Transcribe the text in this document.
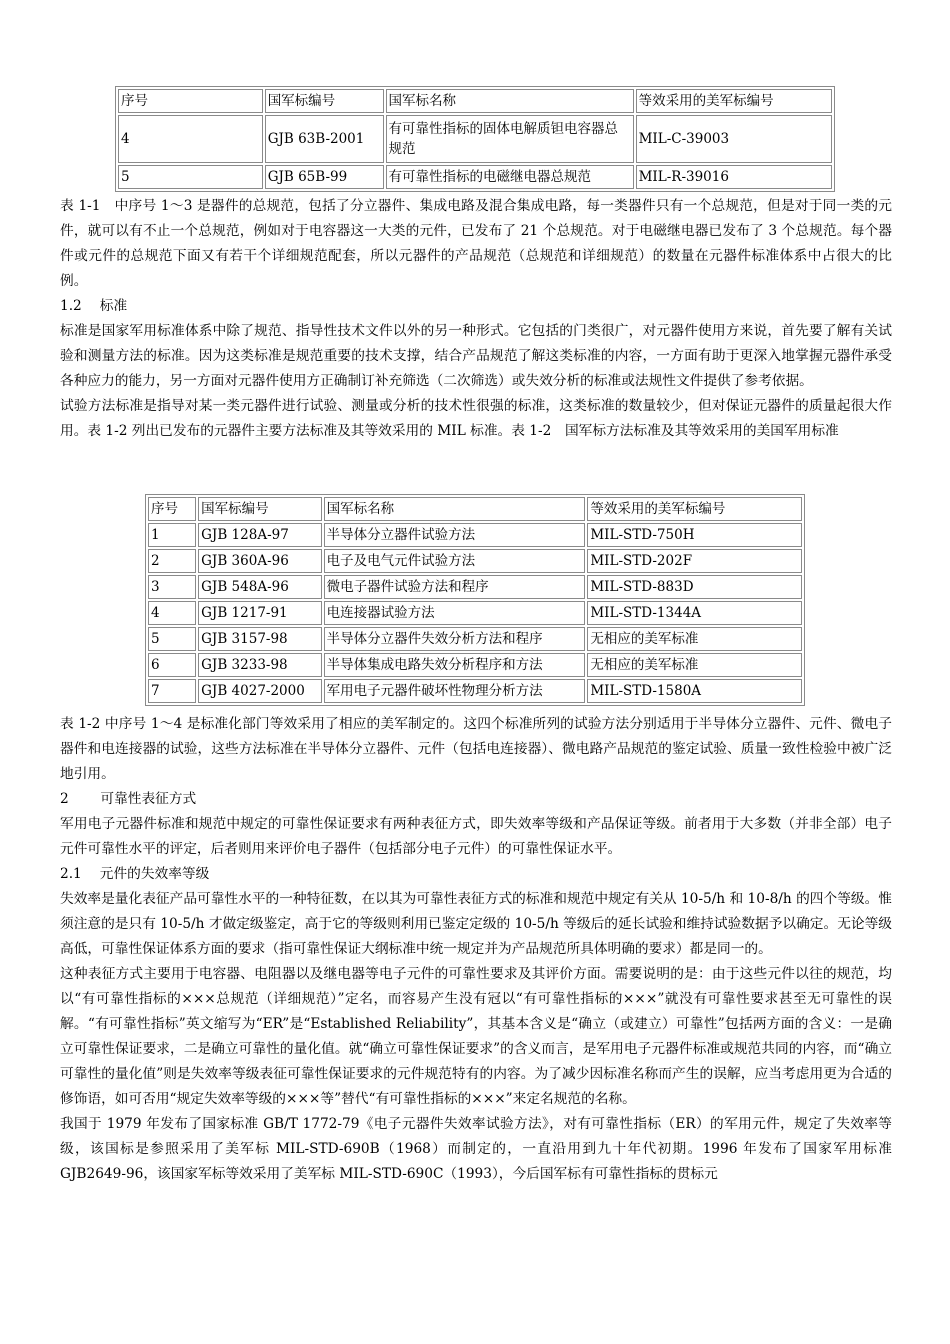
序号	国军标编号	国军标名称	等效采用的美军标编号
4	GJB 63B-2001	有可靠性指标的固体电解质钽电容器总规范	MIL-C-39003
5	GJB 65B-99	有可靠性指标的电磁继电器总规范	MIL-R-39016

表 1-1　中序号 1～3 是器件的总规范，包括了分立器件、集成电路及混合集成电路，每一类器件只有一个总规范，但是对于同一类的元件，就可以有不止一个总规范，例如对于电容器这一大类的元件，已发布了 21 个总规范。对于电磁继电器已发布了 3 个总规范。每个器件或元件的总规范下面又有若干个详细规范配套，所以元器件的产品规范（总规范和详细规范）的数量在元器件标准体系中占很大的比例。

1.2　 标准

标准是国家军用标准体系中除了规范、指导性技术文件以外的另一种形式。它包括的门类很广，对元器件使用方来说，首先要了解有关试验和测量方法的标准。因为这类标准是规范重要的技术支撑，结合产品规范了解这类标准的内容，一方面有助于更深入地掌握元器件承受各种应力的能力，另一方面对元器件使用方正确制订补充筛选（二次筛选）或失效分析的标准或法规性文件提供了参考依据。

试验方法标准是指导对某一类元器件进行试验、测量或分析的技术性很强的标准，这类标准的数量较少，但对保证元器件的质量起很大作用。表 1-2 列出已发布的元器件主要方法标准及其等效采用的 MIL 标准。表 1-2　国军标方法标准及其等效采用的美国军用标准

序号	国军标编号	国军标名称	等效采用的美军标编号
1	GJB 128A-97	半导体分立器件试验方法	MIL-STD-750H
2	GJB 360A-96	电子及电气元件试验方法	MIL-STD-202F
3	GJB 548A-96	微电子器件试验方法和程序	MIL-STD-883D
4	GJB 1217-91	电连接器试验方法	MIL-STD-1344A
5	GJB 3157-98	半导体分立器件失效分析方法和程序	无相应的美军标准
6	GJB 3233-98	半导体集成电路失效分析程序和方法	无相应的美军标准
7	GJB 4027-2000	军用电子元器件破坏性物理分析方法	MIL-STD-1580A

表 1-2 中序号 1～4 是标准化部门等效采用了相应的美军制定的。这四个标准所列的试验方法分别适用于半导体分立器件、元件、微电子器件和电连接器的试验，这些方法标准在半导体分立器件、元件（包括电连接器）、微电路产品规范的鉴定试验、质量一致性检验中被广泛地引用。

2　　 可靠性表征方式

军用电子元器件标准和规范中规定的可靠性保证要求有两种表征方式，即失效率等级和产品保证等级。前者用于大多数（并非全部）电子元件可靠性水平的评定，后者则用来评价电子器件（包括部分电子元件）的可靠性保证水平。

2.1　 元件的失效率等级

失效率是量化表征产品可靠性水平的一种特征数，在以其为可靠性表征方式的标准和规范中规定有关从 10-5/h 和 10-8/h 的四个等级。惟须注意的是只有 10-5/h 才做定级鉴定，高于它的等级则利用已鉴定定级的 10-5/h 等级后的延长试验和维持试验数据予以确定。无论等级高低，可靠性保证体系方面的要求（指可靠性保证大纲标准中统一规定并为产品规范所具体明确的要求）都是同一的。

这种表征方式主要用于电容器、电阻器以及继电器等电子元件的可靠性要求及其评价方面。需要说明的是：由于这些元件以往的规范，均以“有可靠性指标的×××总规范（详细规范）”定名，而容易产生没有冠以“有可靠性指标的×××”就没有可靠性要求甚至无可靠性的误解。“有可靠性指标”英文缩写为“ER”是“Established Reliability”，其基本含义是“确立（或建立）可靠性”包括两方面的含义：一是确立可靠性保证要求，二是确立可靠性的量化值。就“确立可靠性保证要求”的含义而言，是军用电子元器件标准或规范共同的内容，而“确立可靠性的量化值”则是失效率等级表征可靠性保证要求的元件规范特有的内容。为了减少因标准名称而产生的误解，应当考虑用更为合适的修饰语，如可否用“规定失效率等级的×××等”替代“有可靠性指标的×××”来定名规范的名称。

我国于 1979 年发布了国家标准 GB/T 1772-79《电子元器件失效率试验方法》，对有可靠性指标（ER）的军用元件，规定了失效率等级，该国标是参照采用了美军标 MIL-STD-690B（1968）而制定的，一直沿用到九十年代初期。1996 年发布了国家军用标准 GJB2649-96，该国家军标等效采用了美军标 MIL-STD-690C（1993），今后国军标有可靠性指标的贯标元
